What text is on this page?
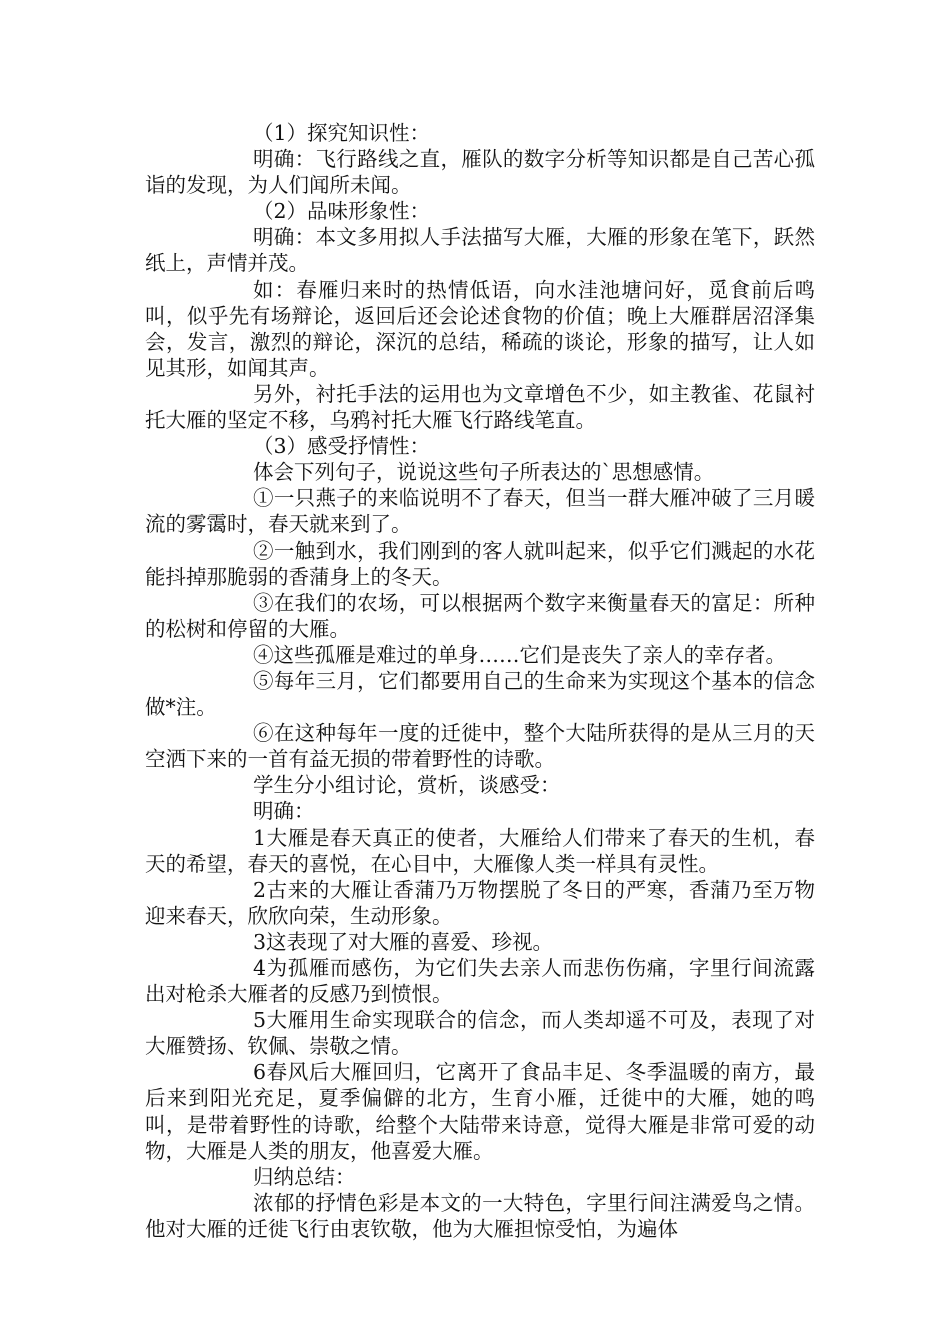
（1）探究知识性：

明确：飞行路线之直，雁队的数字分析等知识都是自己苦心孤诣的发现，为人们闻所未闻。

（2）品味形象性：

明确：本文多用拟人手法描写大雁，大雁的形象在笔下，跃然纸上，声情并茂。

如：春雁归来时的热情低语，向水洼池塘问好，觅食前后鸣叫，似乎先有场辩论，返回后还会论述食物的价值；晚上大雁群居沼泽集会，发言，激烈的辩论，深沉的总结，稀疏的谈论，形象的描写，让人如见其形，如闻其声。

另外，衬托手法的运用也为文章增色不少，如主教雀、花鼠衬托大雁的坚定不移，乌鸦衬托大雁飞行路线笔直。

（3）感受抒情性：

体会下列句子，说说这些句子所表达的`思想感情。

①一只燕子的来临说明不了春天，但当一群大雁冲破了三月暖流的雾霭时，春天就来到了。

②一触到水，我们刚到的客人就叫起来，似乎它们溅起的水花能抖掉那脆弱的香蒲身上的冬天。

③在我们的农场，可以根据两个数字来衡量春天的富足：所种的松树和停留的大雁。

④这些孤雁是难过的单身……它们是丧失了亲人的幸存者。

⑤每年三月，它们都要用自己的生命来为实现这个基本的信念做*注。

⑥在这种每年一度的迁徙中，整个大陆所获得的是从三月的天空洒下来的一首有益无损的带着野性的诗歌。

学生分小组讨论，赏析，谈感受：

明确：

1大雁是春天真正的使者，大雁给人们带来了春天的生机，春天的希望，春天的喜悦，在心目中，大雁像人类一样具有灵性。

2古来的大雁让香蒲乃万物摆脱了冬日的严寒，香蒲乃至万物迎来春天，欣欣向荣，生动形象。

3这表现了对大雁的喜爱、珍视。

4为孤雁而感伤，为它们失去亲人而悲伤伤痛，字里行间流露出对枪杀大雁者的反感乃到愤恨。

5大雁用生命实现联合的信念，而人类却遥不可及，表现了对大雁赞扬、钦佩、崇敬之情。

6春风后大雁回归，它离开了食品丰足、冬季温暖的南方，最后来到阳光充足，夏季偏僻的北方，生育小雁，迁徙中的大雁，她的鸣叫，是带着野性的诗歌，给整个大陆带来诗意，觉得大雁是非常可爱的动物，大雁是人类的朋友，他喜爱大雁。

归纳总结：

浓郁的抒情色彩是本文的一大特色，字里行间注满爱鸟之情。他对大雁的迁徙飞行由衷钦敬，他为大雁担惊受怕，为遍体
